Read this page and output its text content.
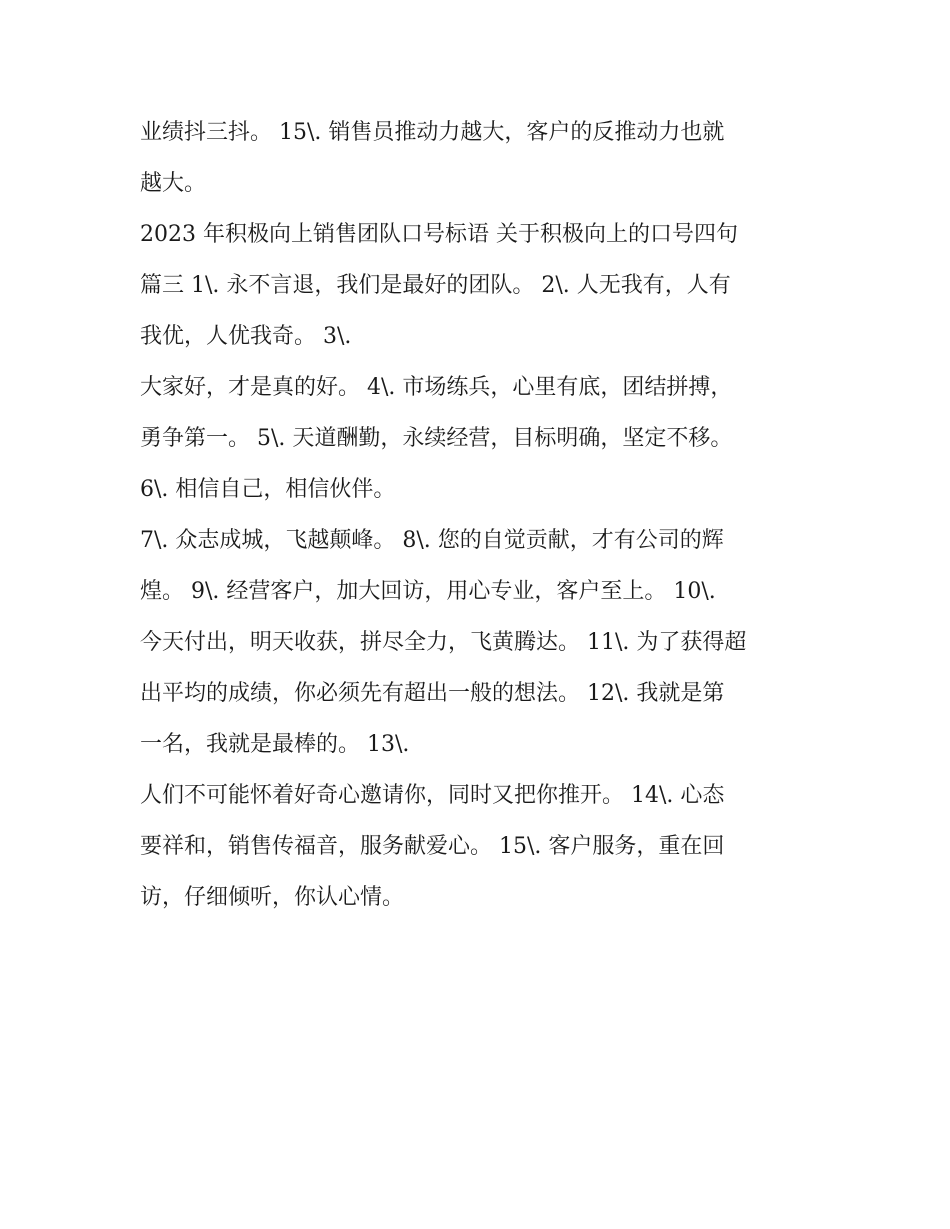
业绩抖三抖。 15\. 销售员推动力越大，客户的反推动力也就
越大。
2023 年积极向上销售团队口号标语 关于积极向上的口号四句
篇三 1\. 永不言退，我们是最好的团队。 2\. 人无我有，人有
我优，人优我奇。 3\.
大家好，才是真的好。 4\. 市场练兵，心里有底，团结拼搏，
勇争第一。 5\. 天道酬勤，永续经营，目标明确，坚定不移。
6\. 相信自己，相信伙伴。
7\. 众志成城，飞越颠峰。 8\. 您的自觉贡献，才有公司的辉
煌。 9\. 经营客户，加大回访，用心专业，客户至上。 10\.
今天付出，明天收获，拼尽全力，飞黄腾达。 11\. 为了获得超
出平均的成绩，你必须先有超出一般的想法。 12\. 我就是第
一名，我就是最棒的。 13\.
人们不可能怀着好奇心邀请你，同时又把你推开。 14\. 心态
要祥和，销售传福音，服务献爱心。 15\. 客户服务，重在回
访，仔细倾听，你认心情。
